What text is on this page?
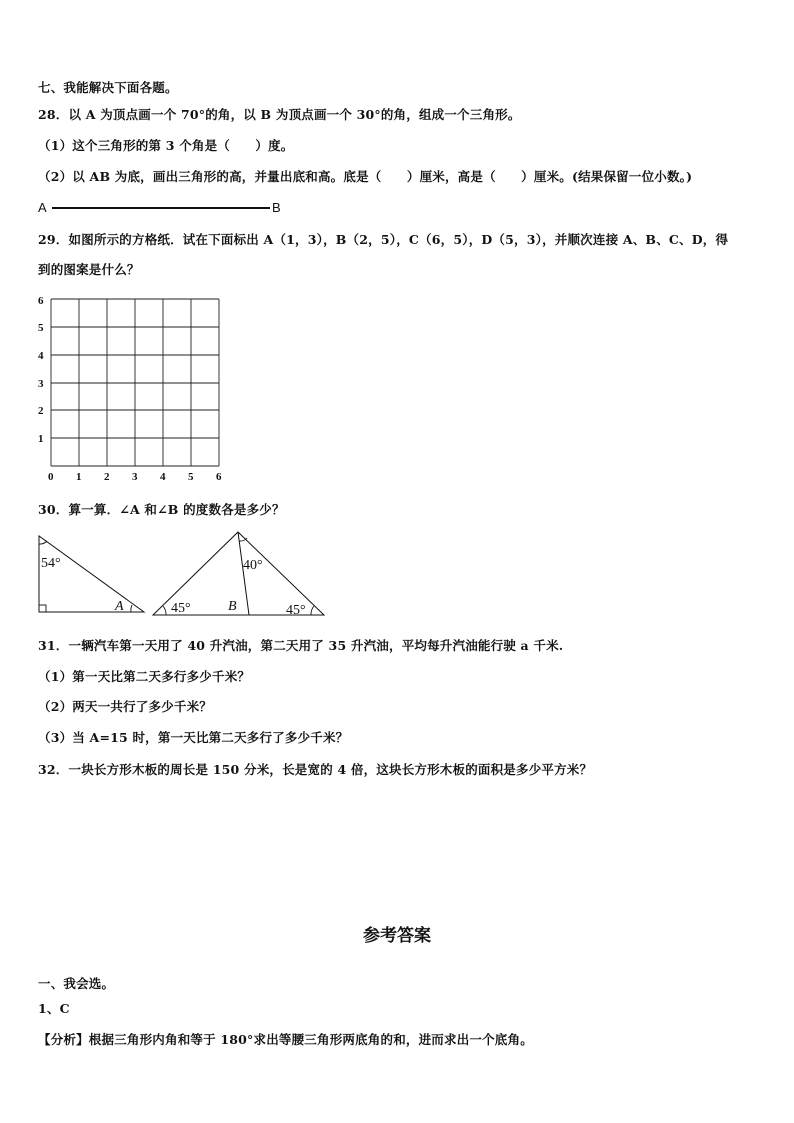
七、我能解决下面各题。
28．以 A 为顶点画一个 70°的角，以 B 为顶点画一个 30°的角，组成一个三角形。
（1）这个三角形的第 3 个角是（　　）度。
（2）以 AB 为底，画出三角形的高，并量出底和高。底是（　　）厘米，高是（　　）厘米。(结果保留一位小数。)
A	B
29．如图所示的方格纸．试在下面标出 A（1，3），B（2，5），C（6，5），D（5，3），并顺次连接 A、B、C、D，得
到的图案是什么？
0 1 2 3 4 5 6
1
2
3
4
5
6
30．算一算．∠A 和∠B 的度数各是多少？
54°
A
40°
45°	B	45°
31．一辆汽车第一天用了 40 升汽油，第二天用了 35 升汽油，平均每升汽油能行驶 a 千米.
（1）第一天比第二天多行多少千米？
（2）两天一共行了多少千米？
（3）当 A=15 时，第一天比第二天多行了多少千米？
32．一块长方形木板的周长是 150 分米，长是宽的 4 倍，这块长方形木板的面积是多少平方米？
参考答案
一、我会选。
1、C
【分析】根据三角形内角和等于 180°求出等腰三角形两底角的和，进而求出一个底角。
